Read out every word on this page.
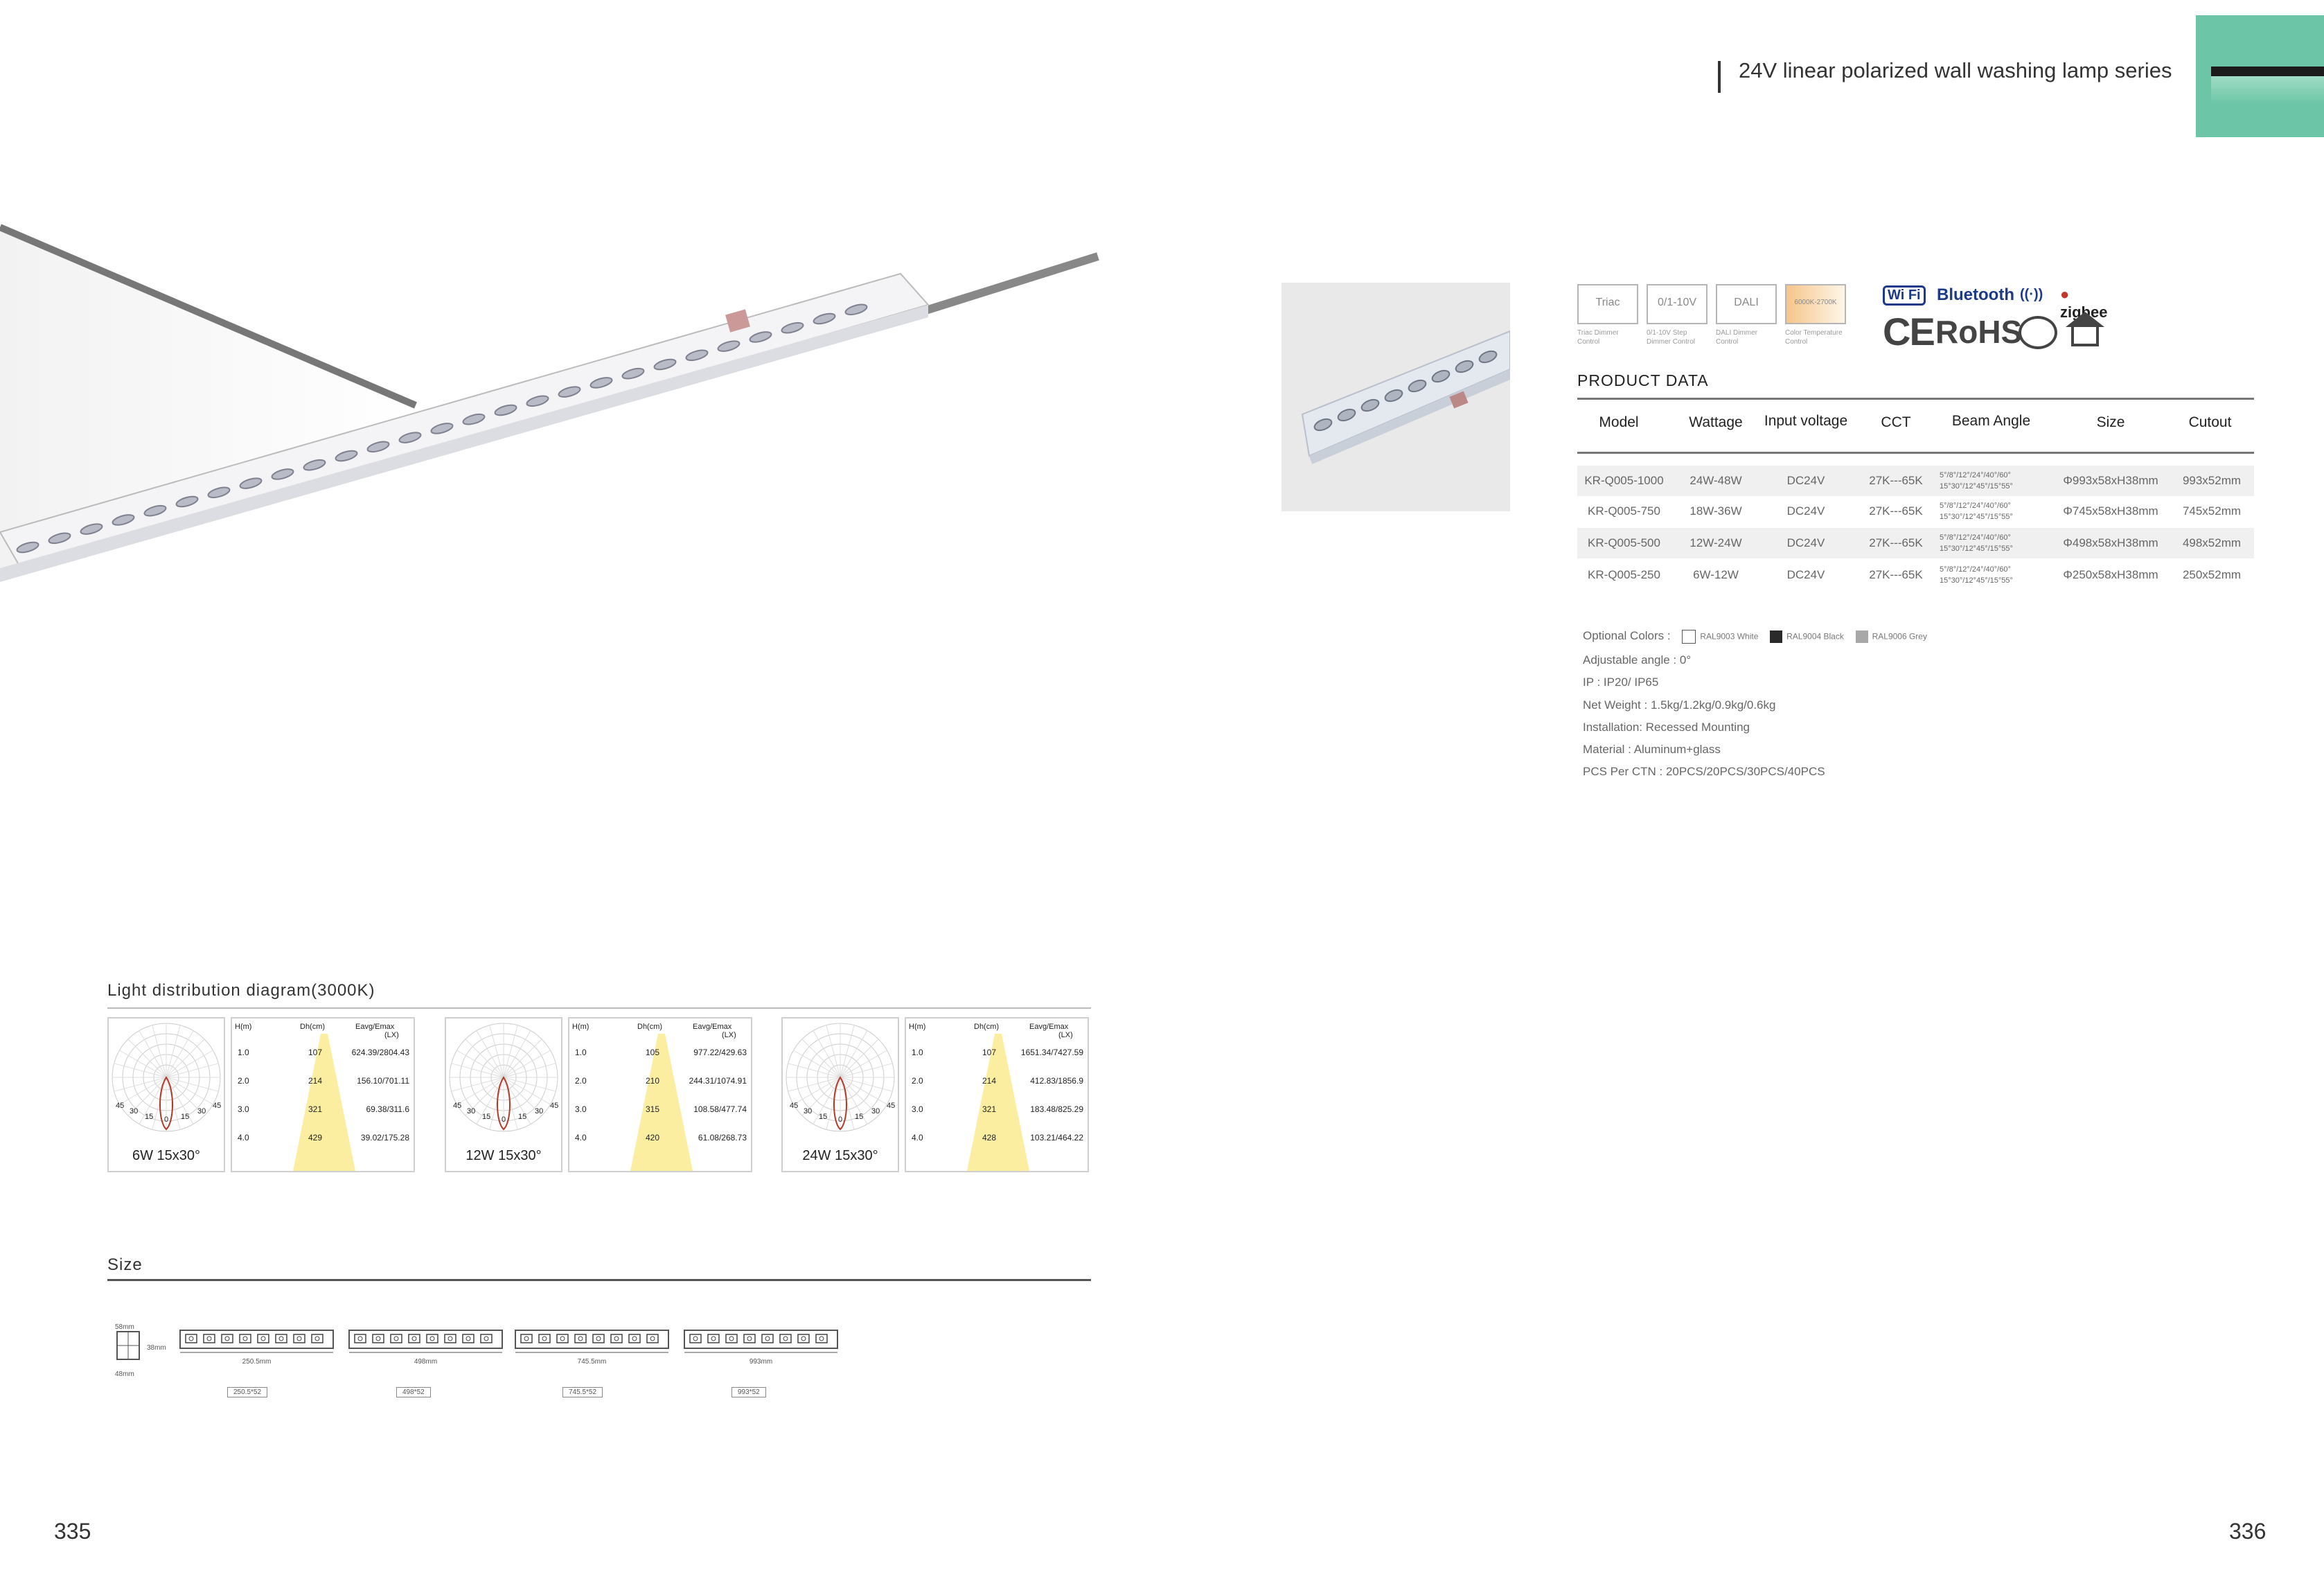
24V linear polarized wall washing lamp series
Triac	0/1-10V	DALI	6000K-2700K
Triac Dimmer Control
0/1-10V Step Dimmer Control
DALI Dimmer Control
Color Temperature Control
Wi Fi Bluetooth ((·)) ● zigbee
CE RoHS
PRODUCT DATA
Model	Wattage	Input voltage	CCT	Beam Angle	Size	Cutout
KR-Q005-1000	24W-48W	DC24V	27K---65K	5°/8°/12°/24°/40°/60°
15°30°/12°45°/15°55°	Φ993x58xH38mm	993x52mm
KR-Q005-750	18W-36W	DC24V	27K---65K	5°/8°/12°/24°/40°/60°
15°30°/12°45°/15°55°	Φ745x58xH38mm	745x52mm
KR-Q005-500	12W-24W	DC24V	27K---65K	5°/8°/12°/24°/40°/60°
15°30°/12°45°/15°55°	Φ498x58xH38mm	498x52mm
KR-Q005-250	6W-12W	DC24V	27K---65K	5°/8°/12°/24°/40°/60°
15°30°/12°45°/15°55°	Φ250x58xH38mm	250x52mm
Optional Colors :	RAL9003 White	RAL9004 Black	RAL9006 Grey
Adjustable angle : 0°
IP : IP20/ IP65
Net Weight : 1.5kg/1.2kg/0.9kg/0.6kg
Installation: Recessed Mounting
Material : Aluminum+glass
PCS Per CTN : 20PCS/20PCS/30PCS/40PCS
Light distribution diagram(3000K)
45
30
15 0 15
30
45
6W 15x30°
H(m)	Dh(cm)	Eavg/Emax
(LX)
1.0	107	624.39/2804.43
2.0	214	156.10/701.11
3.0	321	69.38/311.6
4.0	429	39.02/175.28
45
30
15 0 15
30
45
12W 15x30°
H(m)	Dh(cm)	Eavg/Emax
(LX)
1.0	105	977.22/429.63
2.0	210	244.31/1074.91
3.0	315	108.58/477.74
4.0	420	61.08/268.73
45
30
15 0 15
30
45
24W 15x30°
H(m)	Dh(cm)	Eavg/Emax
(LX)
1.0	107	1651.34/7427.59
2.0	214	412.83/1856.9
3.0	321	183.48/825.29
4.0	428	103.21/464.22
Size
58mm
38mm
48mm
250.5mm
250.5*52
498mm
498*52
745.5mm
745.5*52
993mm
993*52
335	336
